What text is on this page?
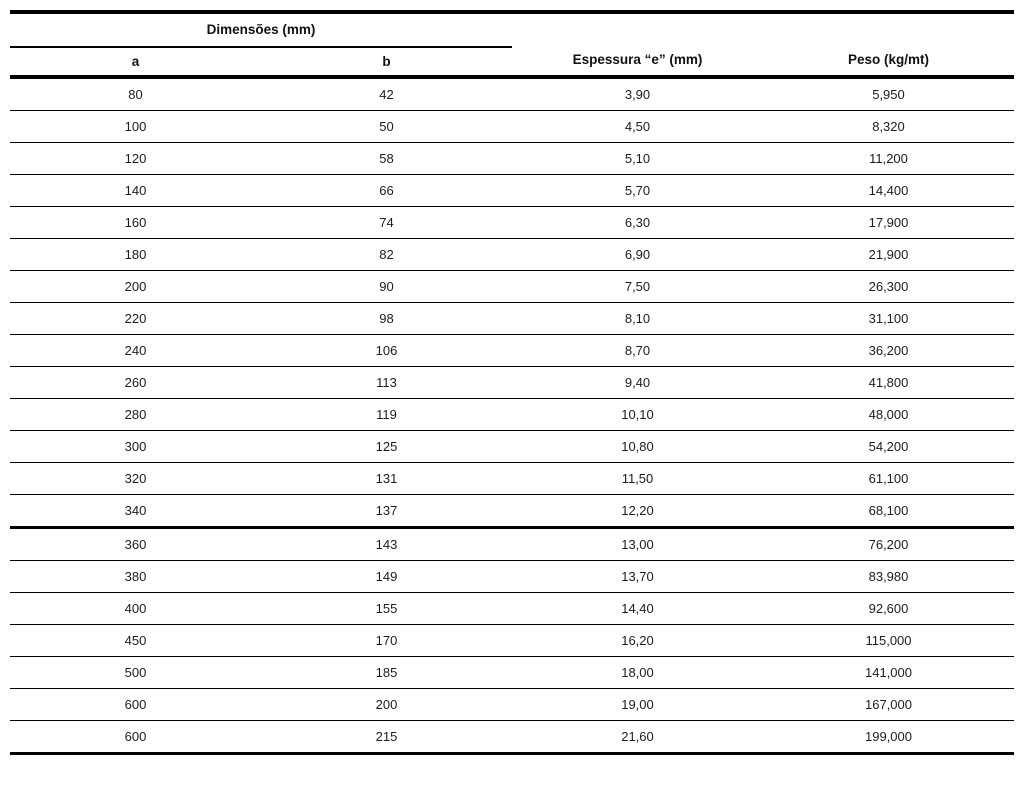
Dimensões (mm)		Espessura “e” (mm)	Peso (kg/mt)
a	b		
80	42	3,90	5,950
100	50	4,50	8,320
120	58	5,10	11,200
140	66	5,70	14,400
160	74	6,30	17,900
180	82	6,90	21,900
200	90	7,50	26,300
220	98	8,10	31,100
240	106	8,70	36,200
260	113	9,40	41,800
280	119	10,10	48,000
300	125	10,80	54,200
320	131	11,50	61,100
340	137	12,20	68,100
360	143	13,00	76,200
380	149	13,70	83,980
400	155	14,40	92,600
450	170	16,20	115,000
500	185	18,00	141,000
600	200	19,00	167,000
600	215	21,60	199,000
